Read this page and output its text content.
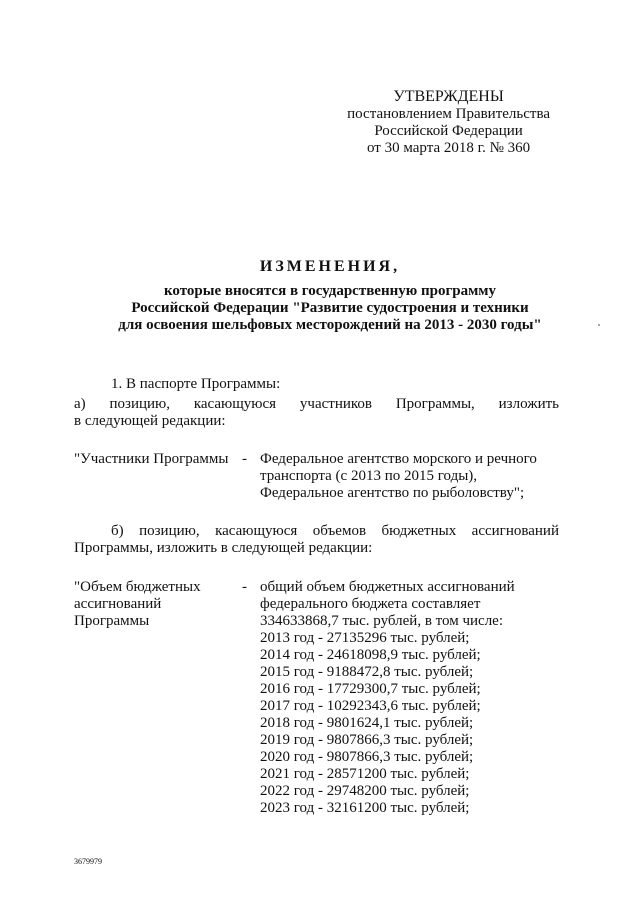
УТВЕРЖДЕНЫ
постановлением Правительства
Российской Федерации
от 30 марта 2018 г. № 360
ИЗМЕНЕНИЯ,
которые вносятся в государственную программу
Российской Федерации "Развитие судостроения и техники
для освоения шельфовых месторождений на 2013 - 2030 годы"
1. В паспорте Программы:
а) позицию, касающуюся участников Программы, изложить
в следующей редакции:
"Участники Программы - Федеральное агентство морского и речного
транспорта (с 2013 по 2015 годы),
Федеральное агентство по рыболовству";
б) позицию, касающуюся объемов бюджетных ассигнований
Программы, изложить в следующей редакции:
"Объем бюджетных
ассигнований
Программы
- общий объем бюджетных ассигнований
федерального бюджета составляет
334633868,7 тыс. рублей, в том числе:
2013 год - 27135296 тыс. рублей;
2014 год - 24618098,9 тыс. рублей;
2015 год - 9188472,8 тыс. рублей;
2016 год - 17729300,7 тыс. рублей;
2017 год - 10292343,6 тыс. рублей;
2018 год - 9801624,1 тыс. рублей;
2019 год - 9807866,3 тыс. рублей;
2020 год - 9807866,3 тыс. рублей;
2021 год - 28571200 тыс. рублей;
2022 год - 29748200 тыс. рублей;
2023 год - 32161200 тыс. рублей;
3679979
